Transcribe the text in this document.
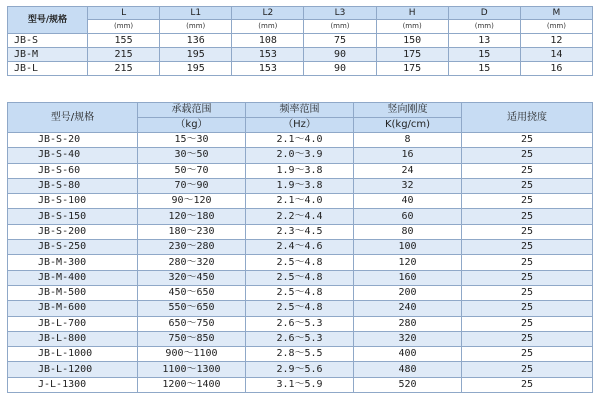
型号/规格	L	L1	L2	L3	H	D	M
	(mm)	(mm)	(mm)	(mm)	(mm)	(mm)	(mm)
JB-S	155	136	108	75	150	13	12
JB-M	215	195	153	90	175	15	14
JB-L	215	195	153	90	175	15	16
型号/规格	承载范围	频率范围	竖向刚度	适用挠度
	（kg）	（Hz）	K(kg/cm)	
JB-S-20	15～30	2.1～4.0	8	25
JB-S-40	30～50	2.0～3.9	16	25
JB-S-60	50～70	1.9～3.8	24	25
JB-S-80	70～90	1.9～3.8	32	25
JB-S-100	90～120	2.1～4.0	40	25
JB-S-150	120～180	2.2～4.4	60	25
JB-S-200	180～230	2.3～4.5	80	25
JB-S-250	230～280	2.4～4.6	100	25
JB-M-300	280～320	2.5～4.8	120	25
JB-M-400	320～450	2.5～4.8	160	25
JB-M-500	450～650	2.5～4.8	200	25
JB-M-600	550～650	2.5～4.8	240	25
JB-L-700	650～750	2.6～5.3	280	25
JB-L-800	750～850	2.6～5.3	320	25
JB-L-1000	900～1100	2.8～5.5	400	25
JB-L-1200	1100～1300	2.9～5.6	480	25
J-L-1300	1200～1400	3.1～5.9	520	25
